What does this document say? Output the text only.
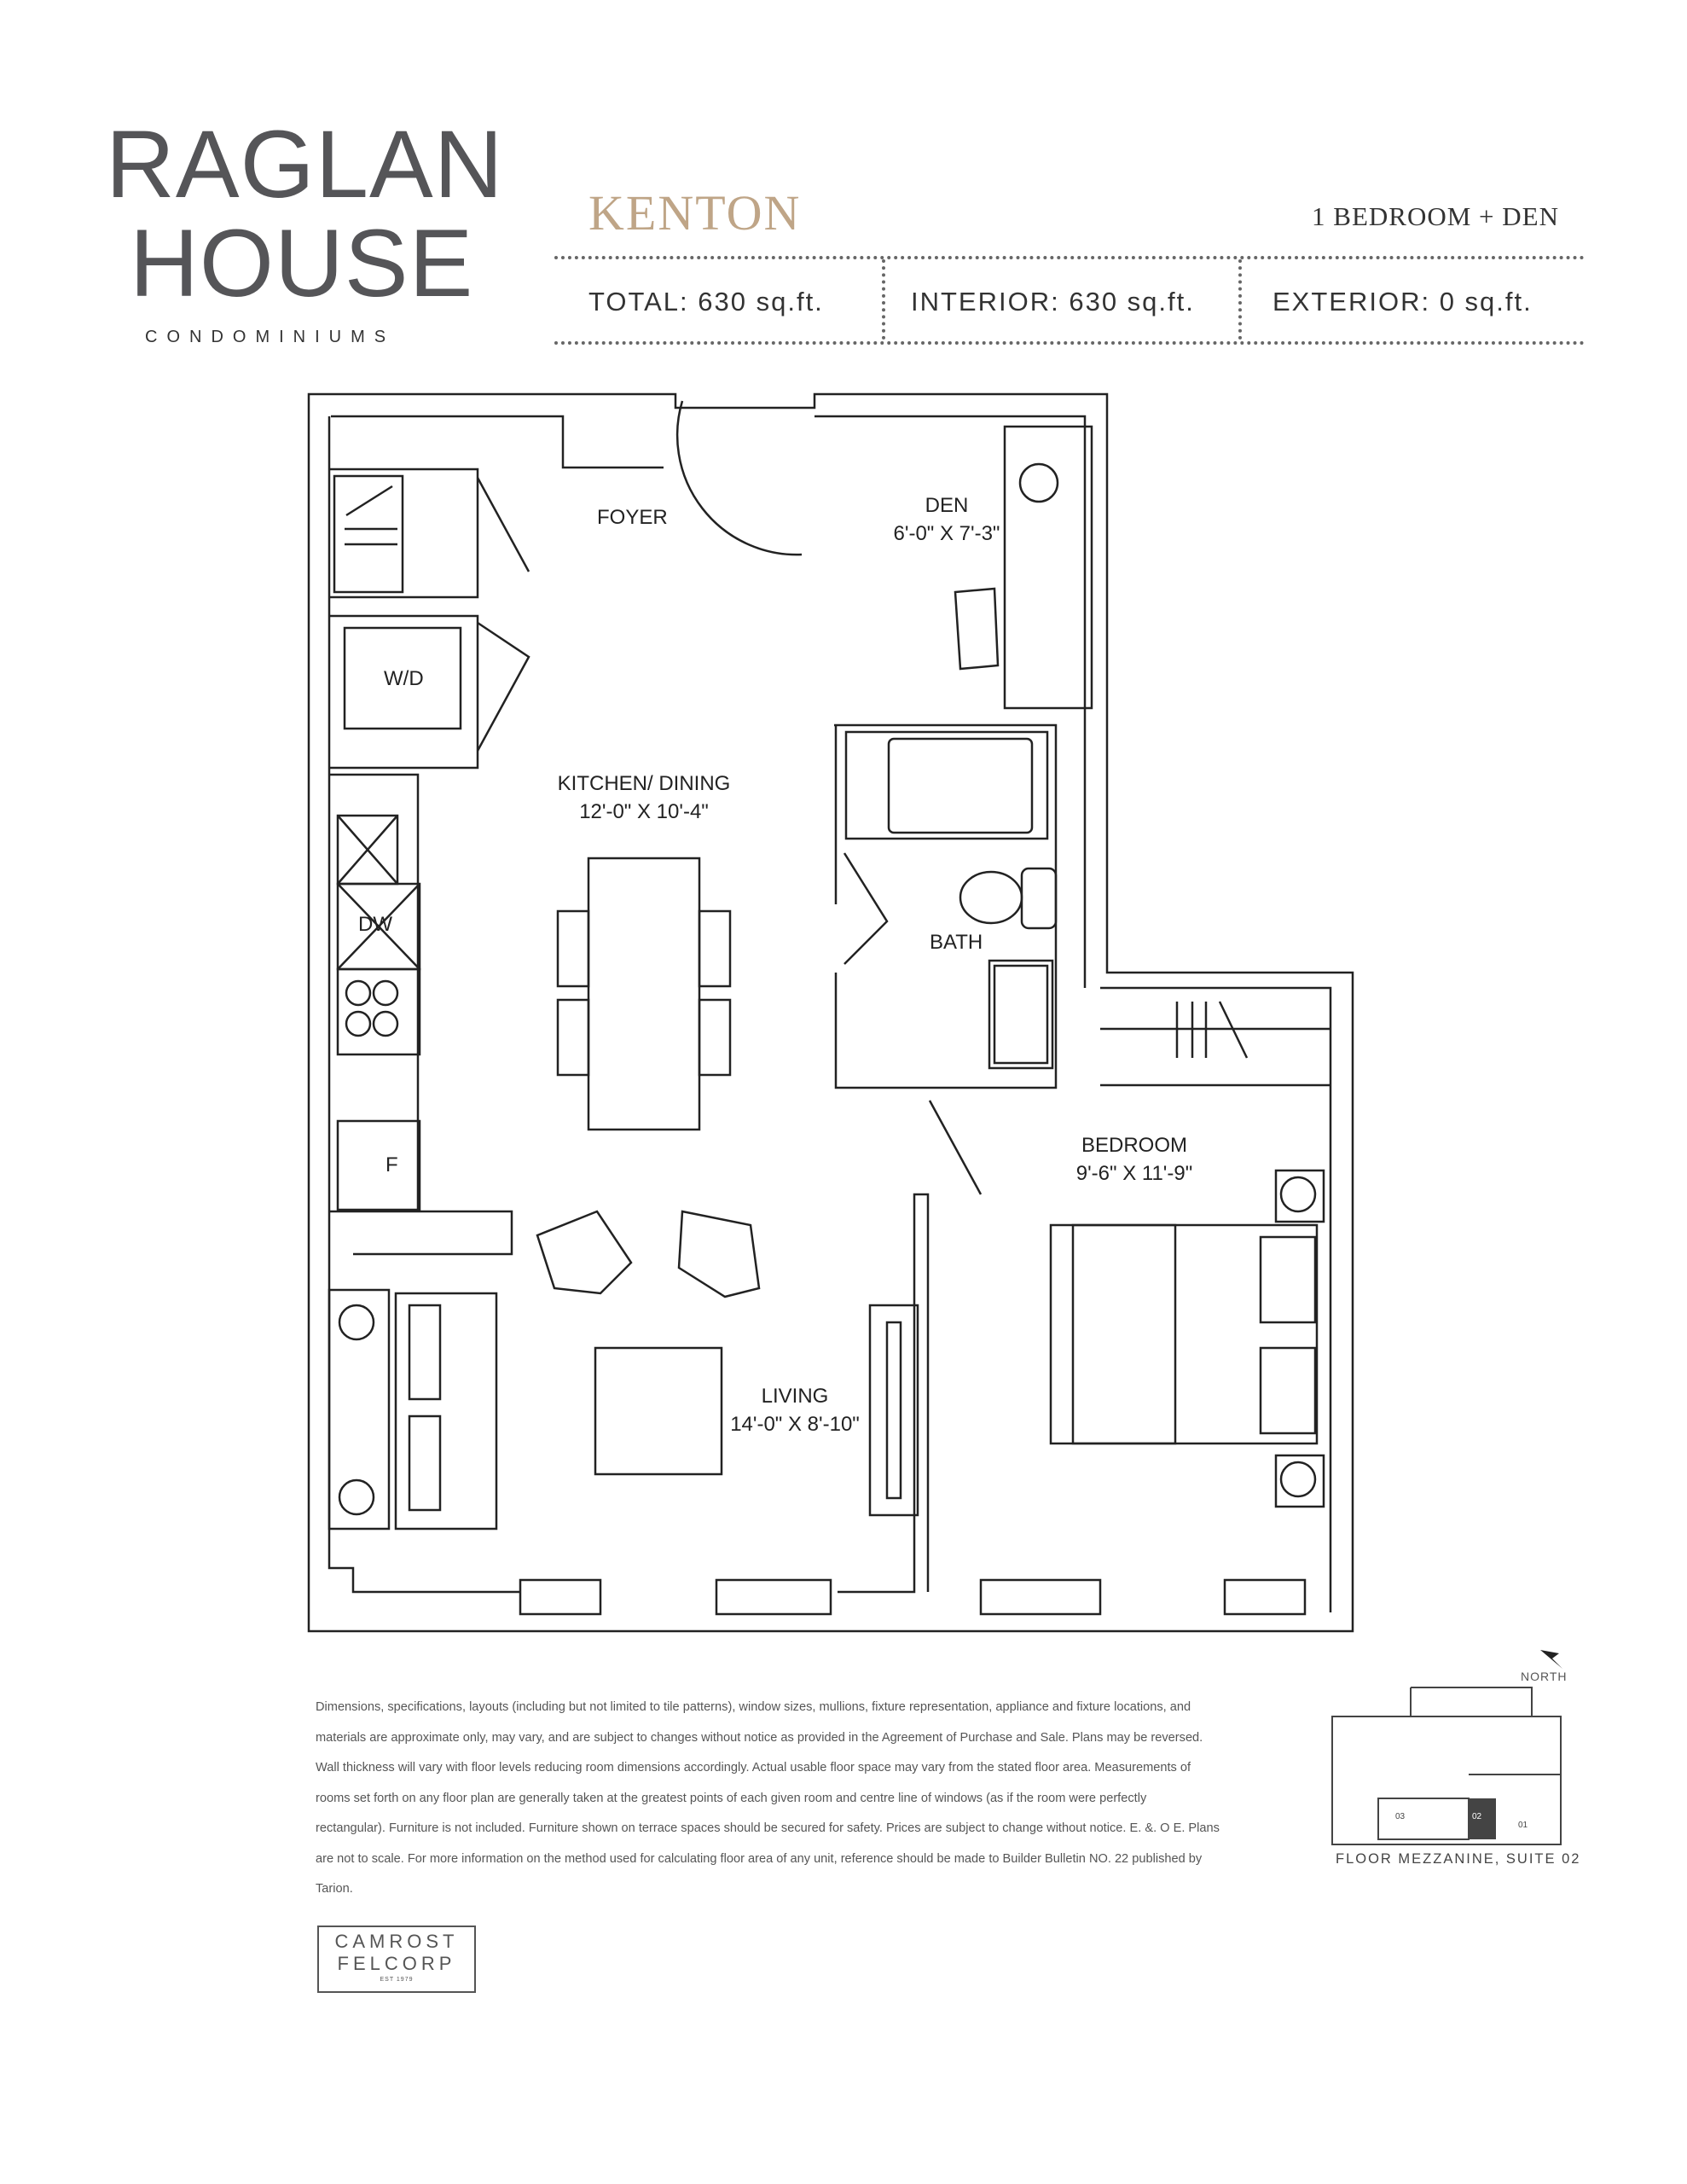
RAGLAN
HOUSE
CONDOMINIUMS
KENTON	1 BEDROOM + DEN
TOTAL: 630 sq.ft.	INTERIOR: 630 sq.ft.	EXTERIOR: 0 sq.ft.
FOYER
DEN
6'-0" X 7'-3"
KITCHEN/ DINING
12'-0" X 10'-4"
BATH
BEDROOM
9'-6" X 11'-9"
LIVING
14'-0" X 8'-10"
W/D
DW
F
Dimensions, specifications, layouts (including but not limited to tile patterns), window sizes, mullions, fixture representation, appliance and fixture locations, and materials are approximate only, may vary, and are subject to changes without notice as provided in the Agreement of Purchase and Sale. Plans may be reversed. Wall thickness will vary with floor levels reducing room dimensions accordingly. Actual usable floor space may vary from the stated floor area. Measurements of rooms set forth on any floor plan are generally taken at the greatest points of each given room and centre line of windows (as if the room were perfectly rectangular). Furniture is not included. Furniture shown on terrace spaces should be secured for safety. Prices are subject to change without notice. E. &. O E. Plans are not to scale. For more information on the method used for calculating floor area of any unit, reference should be made to Builder Bulletin NO. 22 published by Tarion.
NORTH
03	02
01
FLOOR MEZZANINE, SUITE 02
CAMROST
FELCORP
EST 1979
